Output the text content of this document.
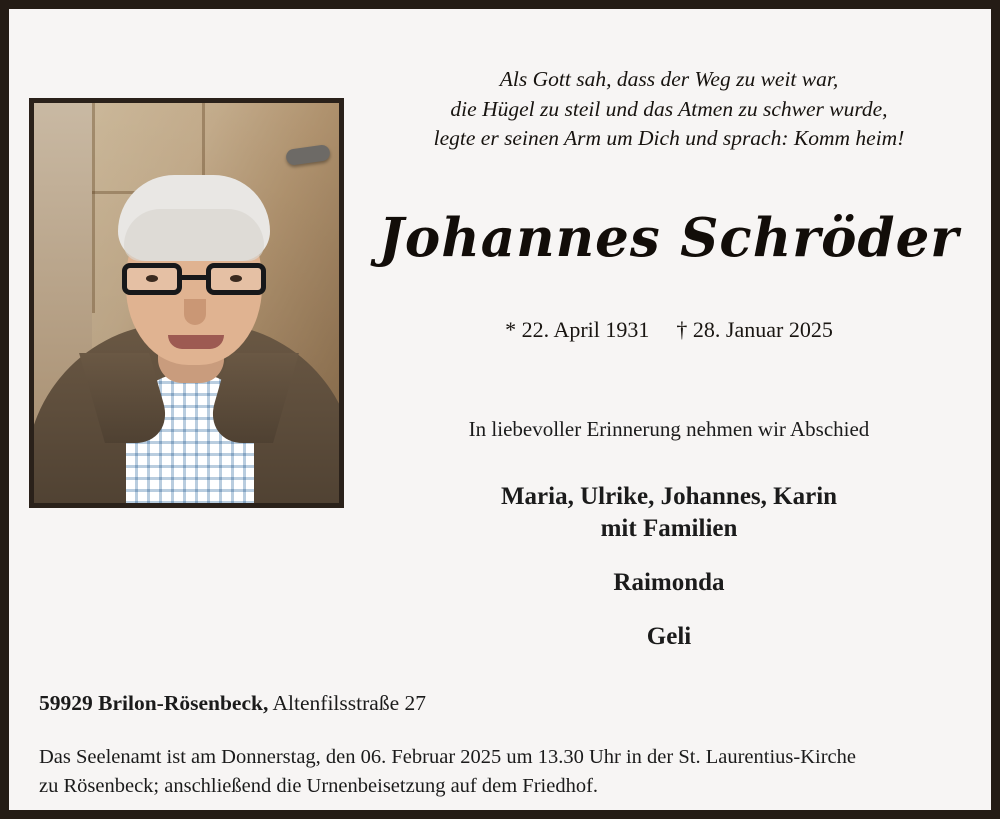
Als Gott sah, dass der Weg zu weit war,
die Hügel zu steil und das Atmen zu schwer wurde,
legte er seinen Arm um Dich und sprach: Komm heim!
Johannes Schröder
* 22. April 1931 † 28. Januar 2025
In liebevoller Erinnerung nehmen wir Abschied
Maria, Ulrike, Johannes, Karin
mit Familien
Raimonda
Geli
59929 Brilon-Rösenbeck, Altenfilsstraße 27
Das Seelenamt ist am Donnerstag, den 06. Februar 2025 um 13.30 Uhr in der St. Laurentius-Kirche
zu Rösenbeck; anschließend die Urnenbeisetzung auf dem Friedhof.
